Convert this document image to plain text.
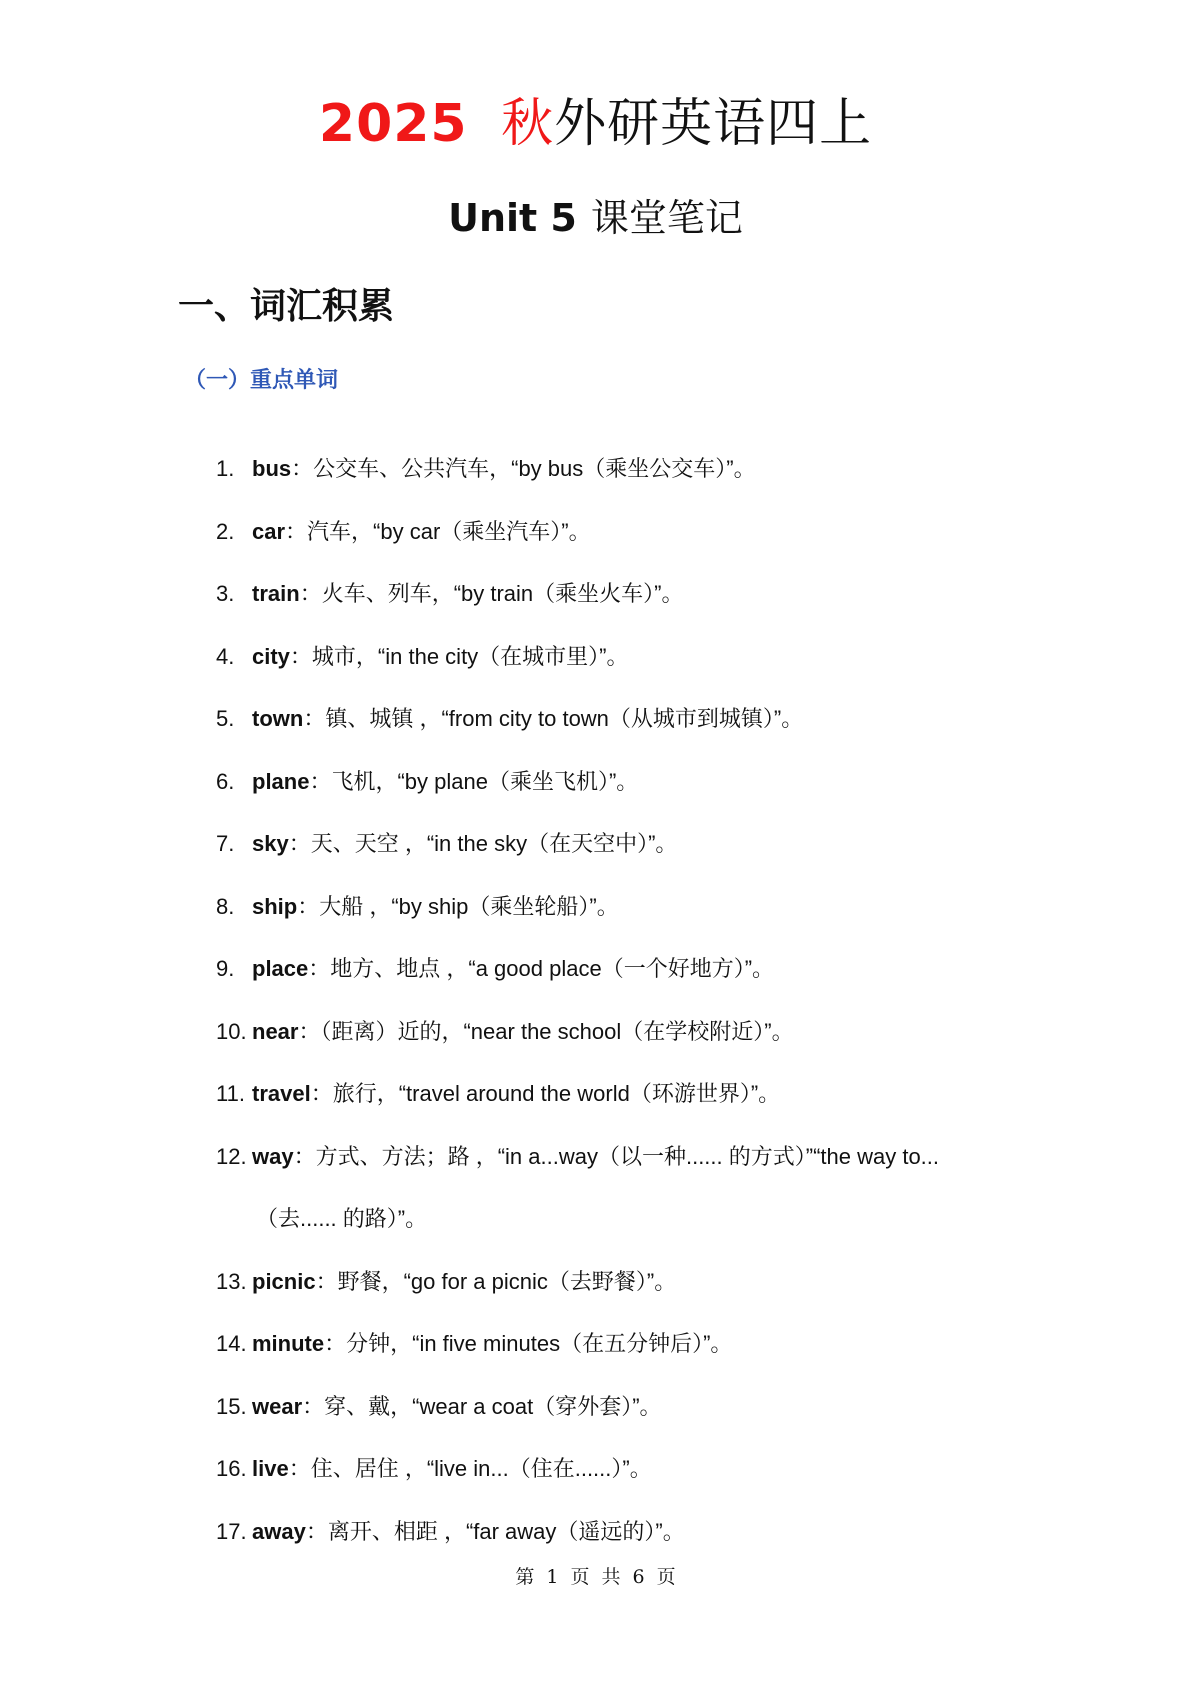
2025 秋外研英语四上
Unit 5 课堂笔记
一、词汇积累
（一）重点单词
1. bus：公交车、公共汽车，“by bus（乘坐公交车）”。
2. car：汽车，“by car（乘坐汽车）”。
3. train：火车、列车，“by train（乘坐火车）”。
4. city：城市，“in the city（在城市里）”。
5. town：镇、城镇 ，“from city to town（从城市到城镇）”。
6. plane：飞机，“by plane（乘坐飞机）”。
7. sky：天、天空 ，“in the sky（在天空中）”。
8. ship：大船 ，“by ship（乘坐轮船）”。
9. place：地方、地点 ，“a good place（一个好地方）”。
10. near：（距离）近的，“near the school（在学校附近）”。
11. travel：旅行，“travel around the world（环游世界）”。
12. way：方式、方法；路 ，“in a...way（以一种...... 的方式）”“the way to...
（去...... 的路）”。
13. picnic：野餐，“go for a picnic（去野餐）”。
14. minute：分钟，“in five minutes（在五分钟后）”。
15. wear：穿、戴，“wear a coat（穿外套）”。
16. live：住、居住 ，“live in...（住在......）”。
17. away：离开、相距 ，“far away（遥远的）”。
第 1 页 共 6 页
